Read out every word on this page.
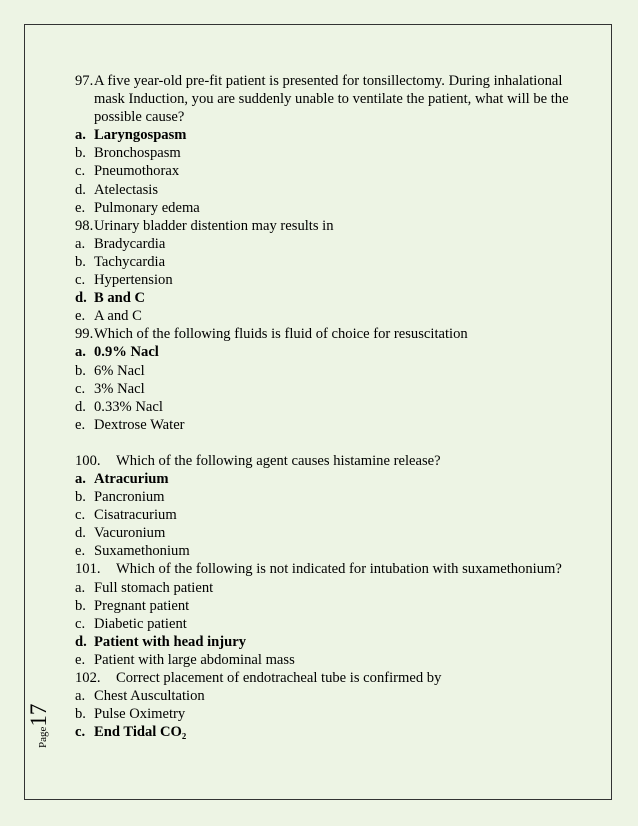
Page17
97. A five year-old pre-fit patient is presented for tonsillectomy. During inhalational mask Induction, you are suddenly unable to ventilate the patient, what will be the possible cause?
a. Laryngospasm
b. Bronchospasm
c. Pneumothorax
d. Atelectasis
e. Pulmonary edema
98. Urinary bladder distention may results in
a. Bradycardia
b. Tachycardia
c. Hypertension
d. B and C
e. A and C
99. Which of the following fluids is fluid of choice for resuscitation
a. 0.9% Nacl
b. 6% Nacl
c. 3% Nacl
d. 0.33% Nacl
e. Dextrose Water
100.	Which of the following agent causes histamine release?
a. Atracurium
b. Pancronium
c. Cisatracurium
d. Vacuronium
e. Suxamethonium
101.	Which of the following is not indicated for intubation with suxamethonium?
a. Full stomach patient
b. Pregnant patient
c. Diabetic patient
d. Patient with head injury
e. Patient with large abdominal mass
102.	Correct placement of endotracheal tube is confirmed by
a. Chest Auscultation
b. Pulse Oximetry
c. End Tidal CO₂
